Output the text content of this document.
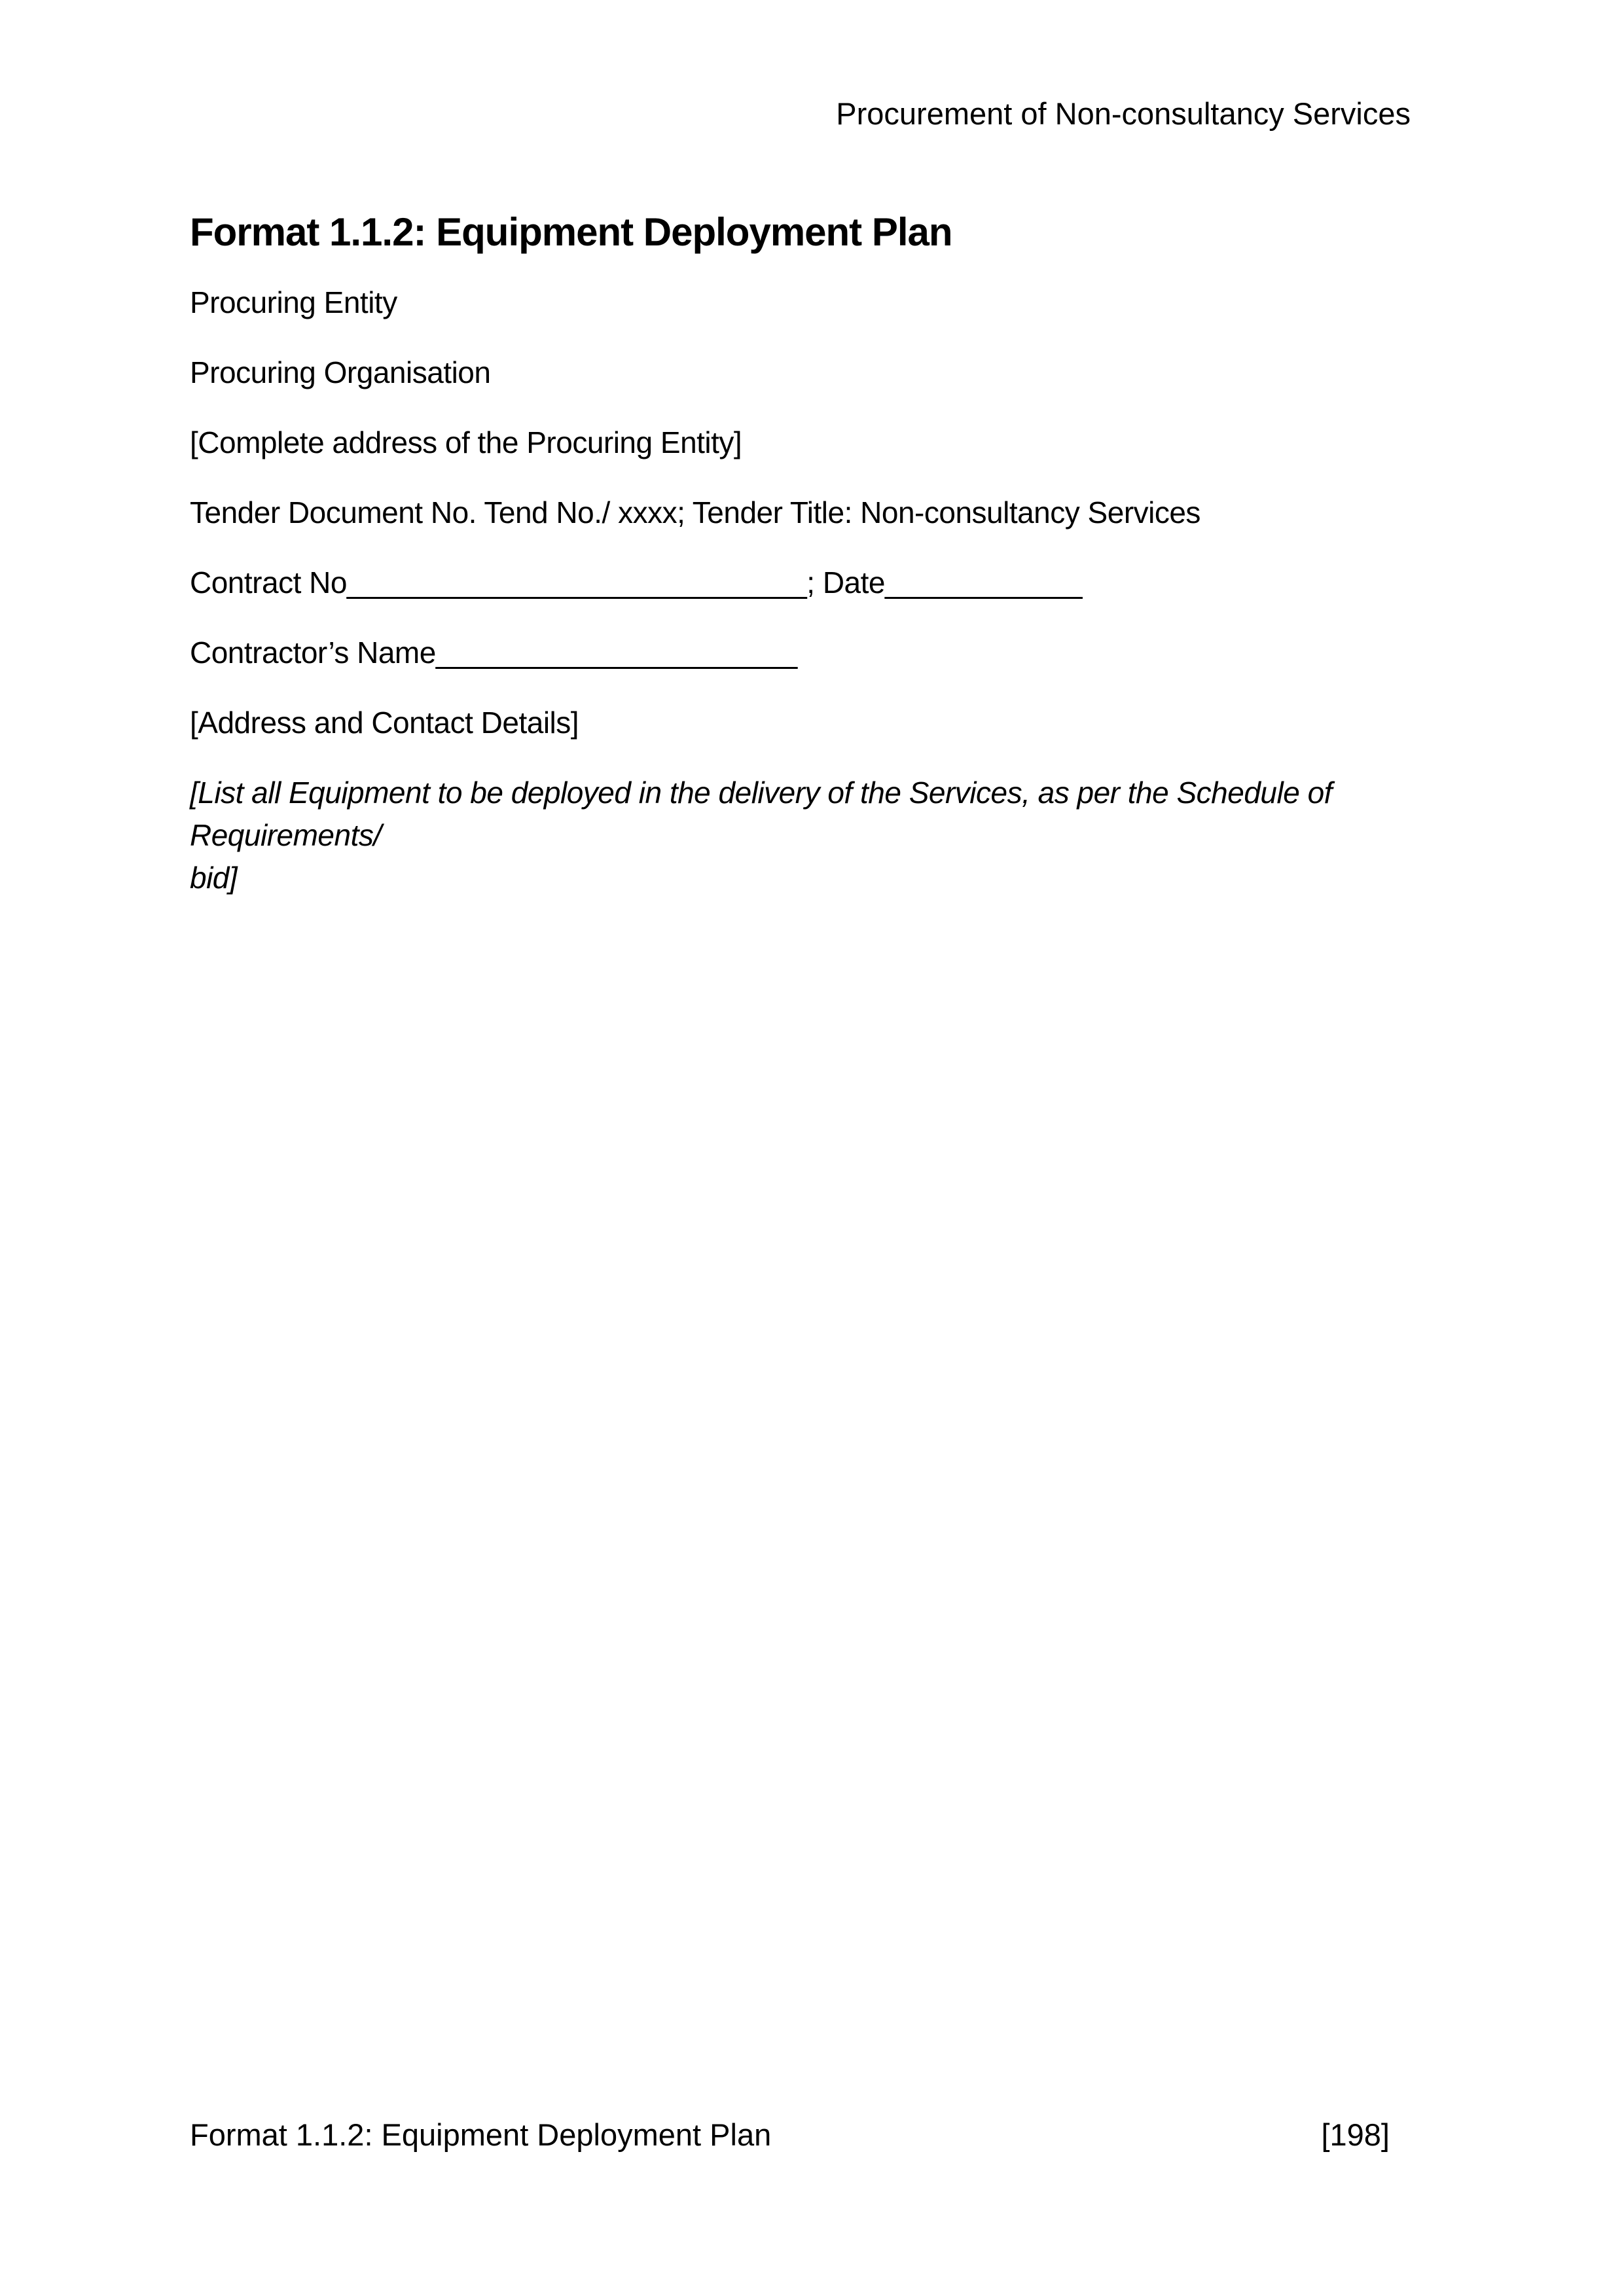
Procurement of Non-consultancy Services
Format 1.1.2: Equipment Deployment Plan

Procuring Entity

Procuring Organisation

[Complete address of the Procuring Entity]

Tender Document No. Tend No./ xxxx; Tender Title: Non-consultancy Services

Contract No____________________________; Date____________

Contractor’s Name______________________

[Address and Contact Details]

[List all Equipment to be deployed in the delivery of the Services, as per the Schedule of Requirements/
bid]

Format 1.1.2: Equipment Deployment Plan	[198]
